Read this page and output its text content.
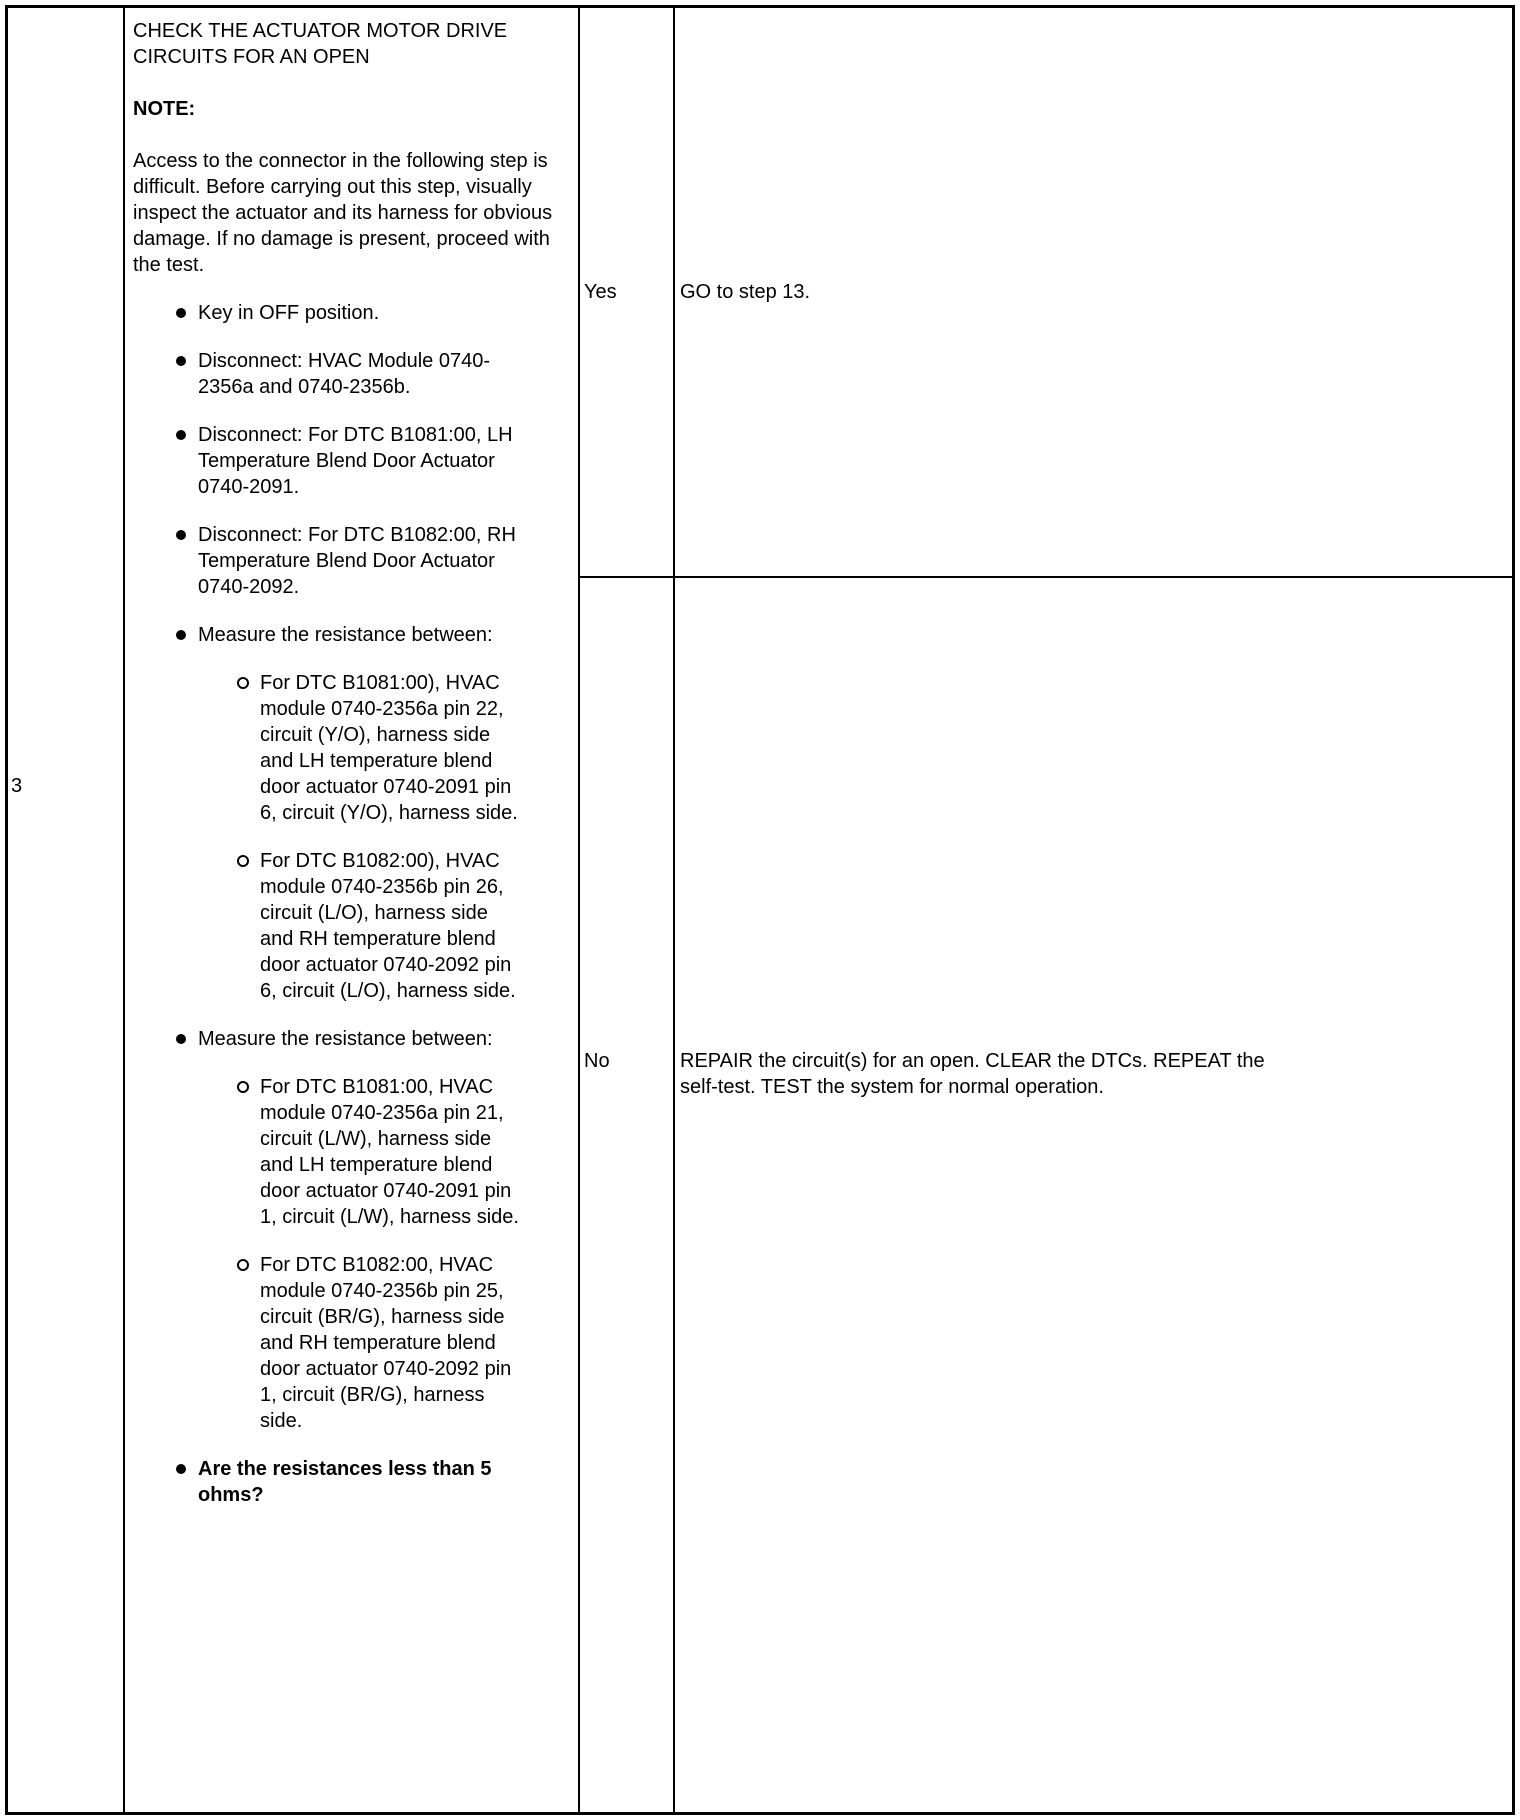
3
CHECK THE ACTUATOR MOTOR DRIVE CIRCUITS FOR AN OPEN
NOTE:
Access to the connector in the following step is difficult. Before carrying out this step, visually inspect the actuator and its harness for obvious damage. If no damage is present, proceed with the test.
Key in OFF position.
Disconnect: HVAC Module 0740-2356a and 0740-2356b.
Disconnect: For DTC B1081:00, LH Temperature Blend Door Actuator 0740-2091.
Disconnect: For DTC B1082:00, RH Temperature Blend Door Actuator 0740-2092.
Measure the resistance between:
For DTC B1081:00), HVAC module 0740-2356a pin 22, circuit (Y/O), harness side and LH temperature blend door actuator 0740-2091 pin 6, circuit (Y/O), harness side.
For DTC B1082:00), HVAC module 0740-2356b pin 26, circuit (L/O), harness side and RH temperature blend door actuator 0740-2092 pin 6, circuit (L/O), harness side.
Measure the resistance between:
For DTC B1081:00, HVAC module 0740-2356a pin 21, circuit (L/W), harness side and LH temperature blend door actuator 0740-2091 pin 1, circuit (L/W), harness side.
For DTC B1082:00, HVAC module 0740-2356b pin 25, circuit (BR/G), harness side and RH temperature blend door actuator 0740-2092 pin 1, circuit (BR/G), harness side.
Are the resistances less than 5 ohms?
Yes	GO to step 13.
No	REPAIR the circuit(s) for an open. CLEAR the DTCs. REPEAT the self-test. TEST the system for normal operation.
